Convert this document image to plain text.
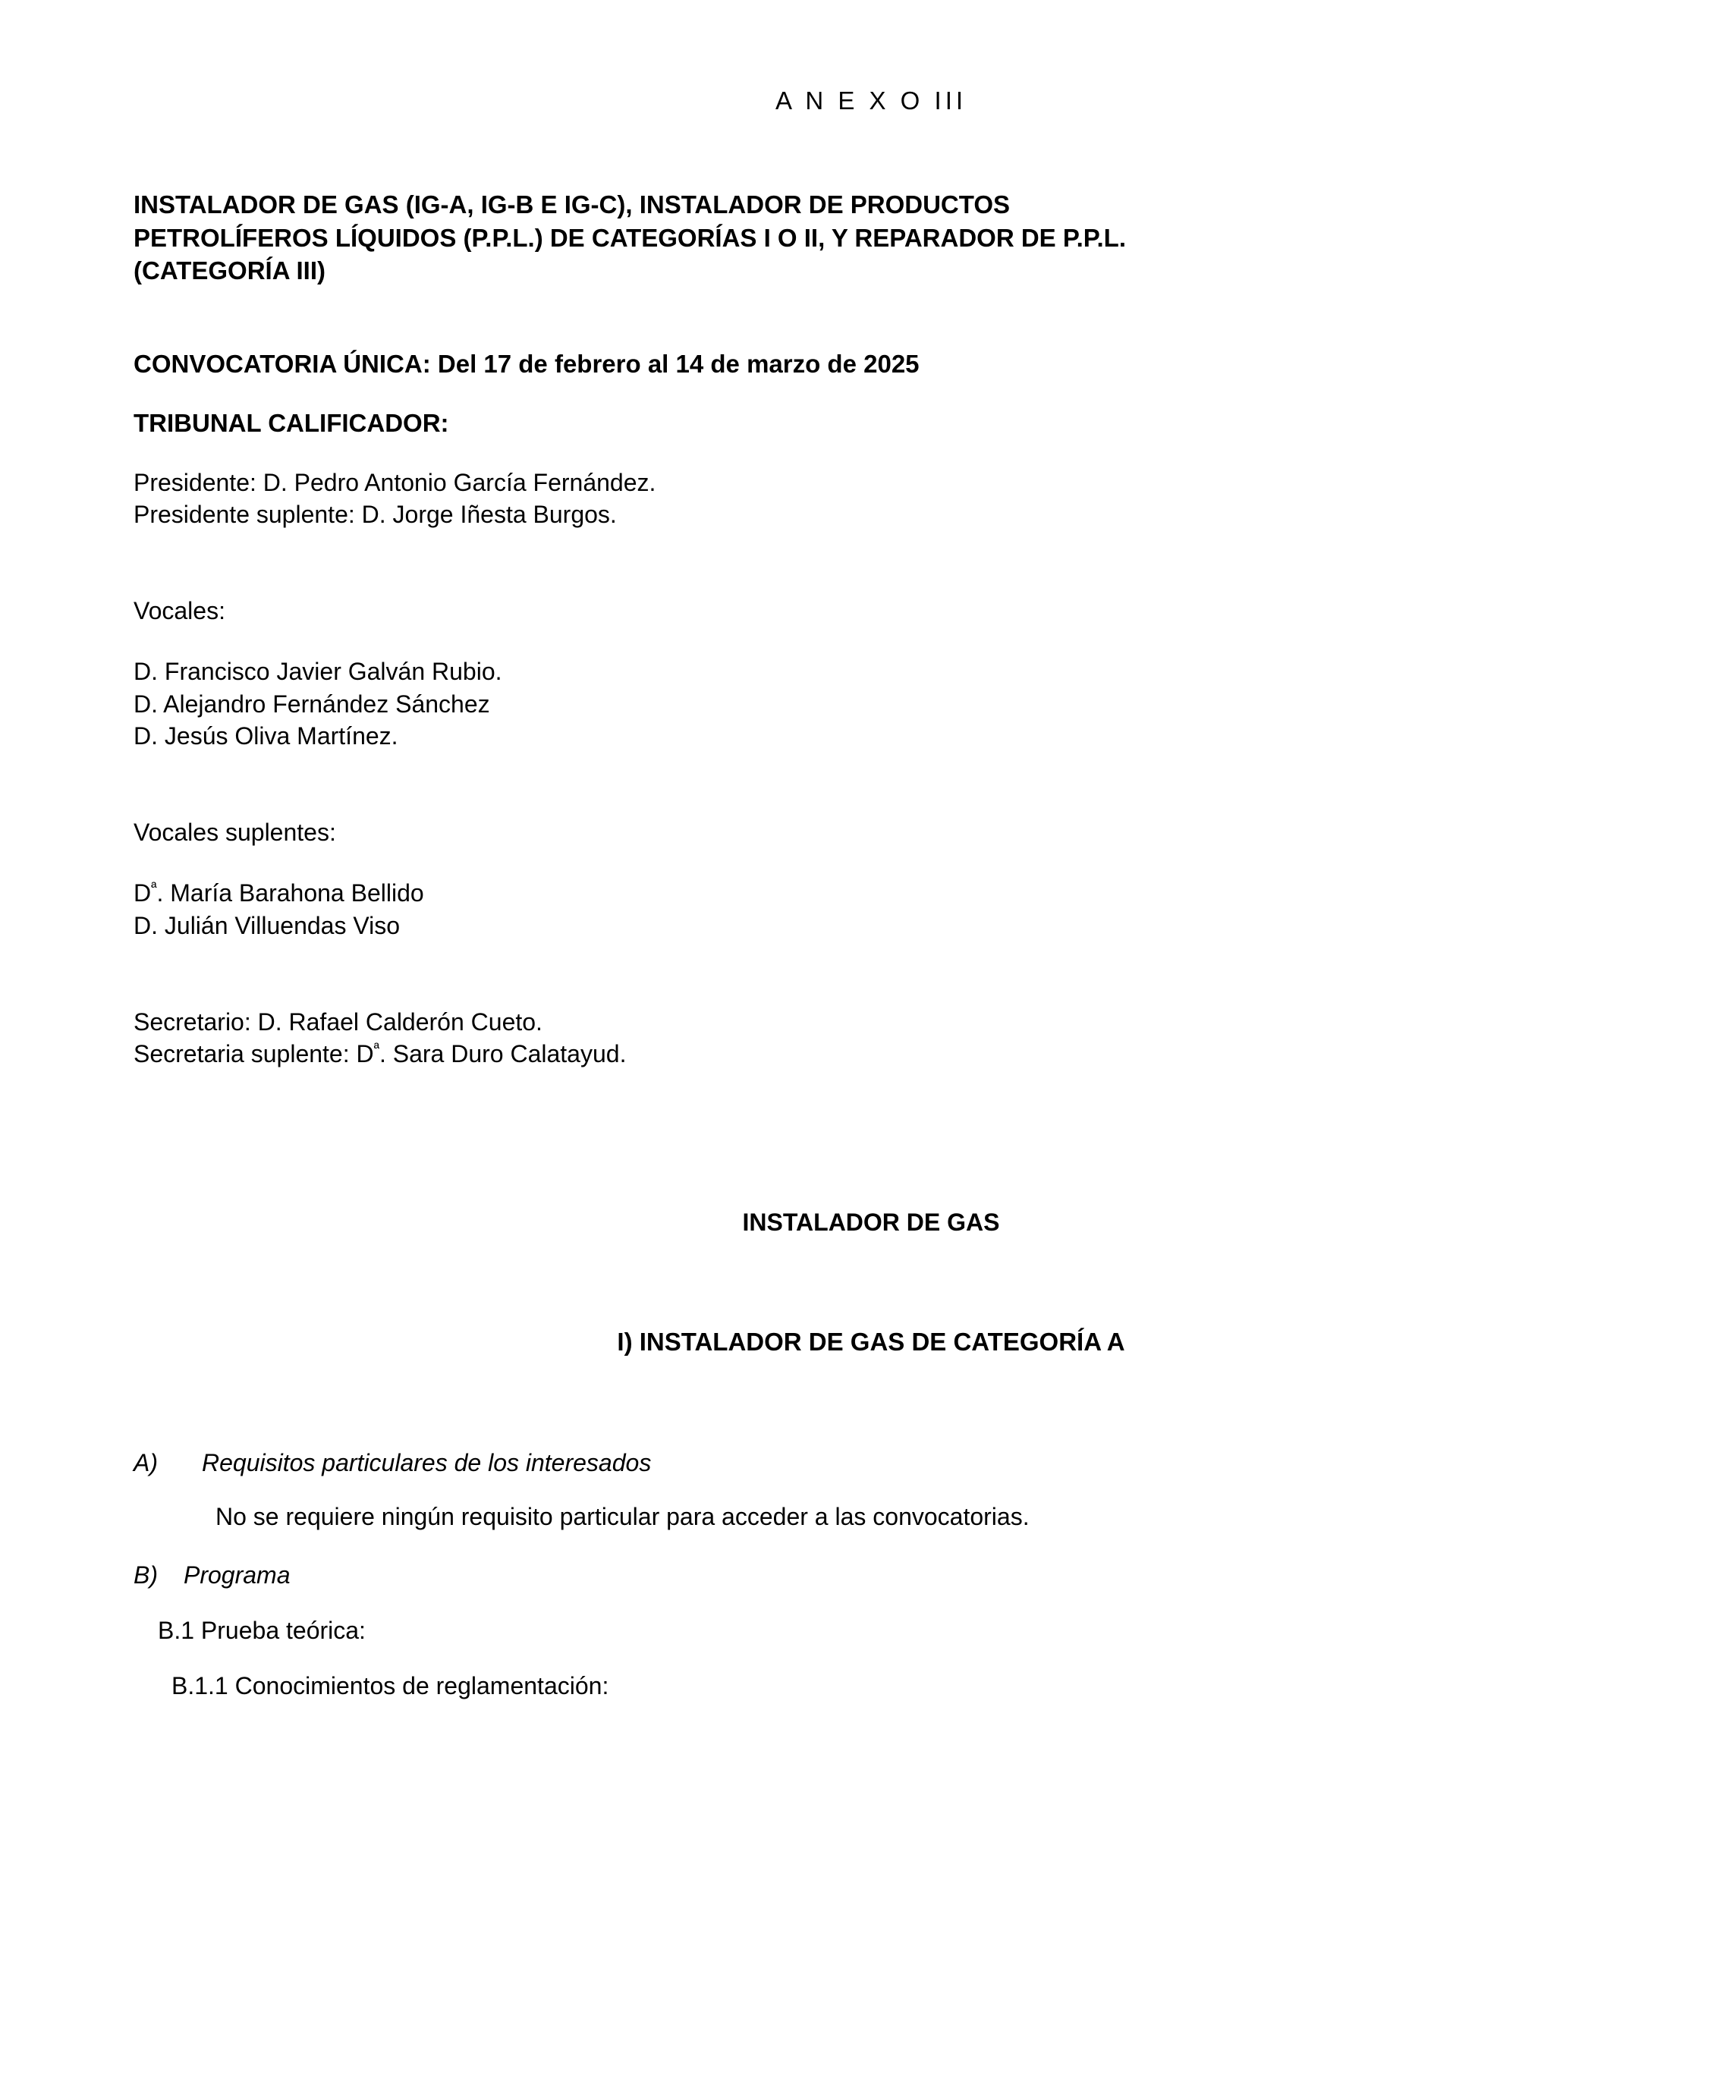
A N E X O III
INSTALADOR DE GAS (IG-A, IG-B E IG-C), INSTALADOR DE PRODUCTOS
PETROLÍFEROS LÍQUIDOS (P.P.L.) DE CATEGORÍAS I O II, Y REPARADOR DE P.P.L.
(CATEGORÍA III)
CONVOCATORIA ÚNICA: Del 17 de febrero al 14 de marzo de 2025
TRIBUNAL CALIFICADOR:
Presidente: D. Pedro Antonio García Fernández.
Presidente suplente: D. Jorge Iñesta Burgos.
Vocales:
D. Francisco Javier Galván Rubio.
D. Alejandro Fernández Sánchez
D. Jesús Oliva Martínez.
Vocales suplentes:
$D^ª$. María Barahona Bellido
D. Julián Villuendas Viso
Secretario: D. Rafael Calderón Cueto.
Secretaria suplente: $D^ª$. Sara Duro Calatayud.
INSTALADOR DE GAS
I) INSTALADOR DE GAS DE CATEGORÍA A
A)	Requisitos particulares de los interesados
No se requiere ningún requisito particular para acceder a las convocatorias.
B)	Programa
B.1 Prueba teórica:
B.1.1 Conocimientos de reglamentación:
